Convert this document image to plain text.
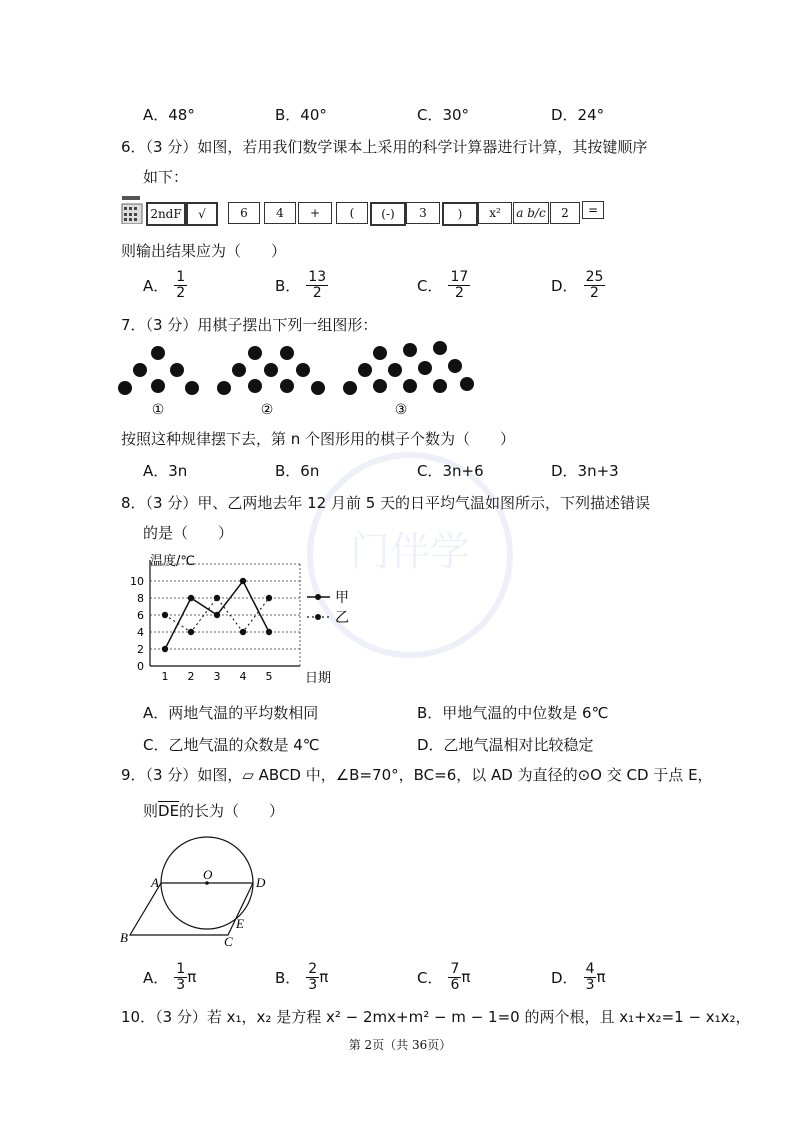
门伴学
A．48°	B．40°	C．30°	D．24°
6．（3 分）如图，若用我们数学课本上采用的科学计算器进行计算，其按键顺序
如下：
2ndF	√	6	4	+	(	(-)	3	)	x²	a b/c	2	=
则输出结果应为（　　）
A． $\frac{1}{2}$	B． $\frac{13}{2}$	C． $\frac{17}{2}$	D． $\frac{25}{2}$
7．（3 分）用棋子摆出下列一组图形：
①	②	③
按照这种规律摆下去，第 n 个图形用的棋子个数为（　　）
A．3n	B．6n	C．3n+6	D．3n+3
8．（3 分）甲、乙两地去年 12 月前 5 天的日平均气温如图所示，下列描述错误
的是（　　）
温度/℃
日期
0
2
4
6
8
10
1 2 3 4 5
甲
乙
A．两地气温的平均数相同	B．甲地气温的中位数是 6℃
C．乙地气温的众数是 4℃	D．乙地气温相对比较稳定
9．（3 分）如图，▱ ABCD 中，∠B=70°，BC=6，以 AD 为直径的⊙O 交 CD 于点 E，
则$\overline{DE}$的长为（　　）
O
A	D
E
B	C
A． $\frac{1}{3}$ π	B． $\frac{2}{3}$ π	C． $\frac{7}{6}$ π	D． $\frac{4}{3}$ π
10．（3 分）若 x₁，x₂ 是方程 x² − 2mx+m² − m − 1=0 的两个根，且 x₁+x₂=1 − x₁x₂，
第 2页（共 36页）
